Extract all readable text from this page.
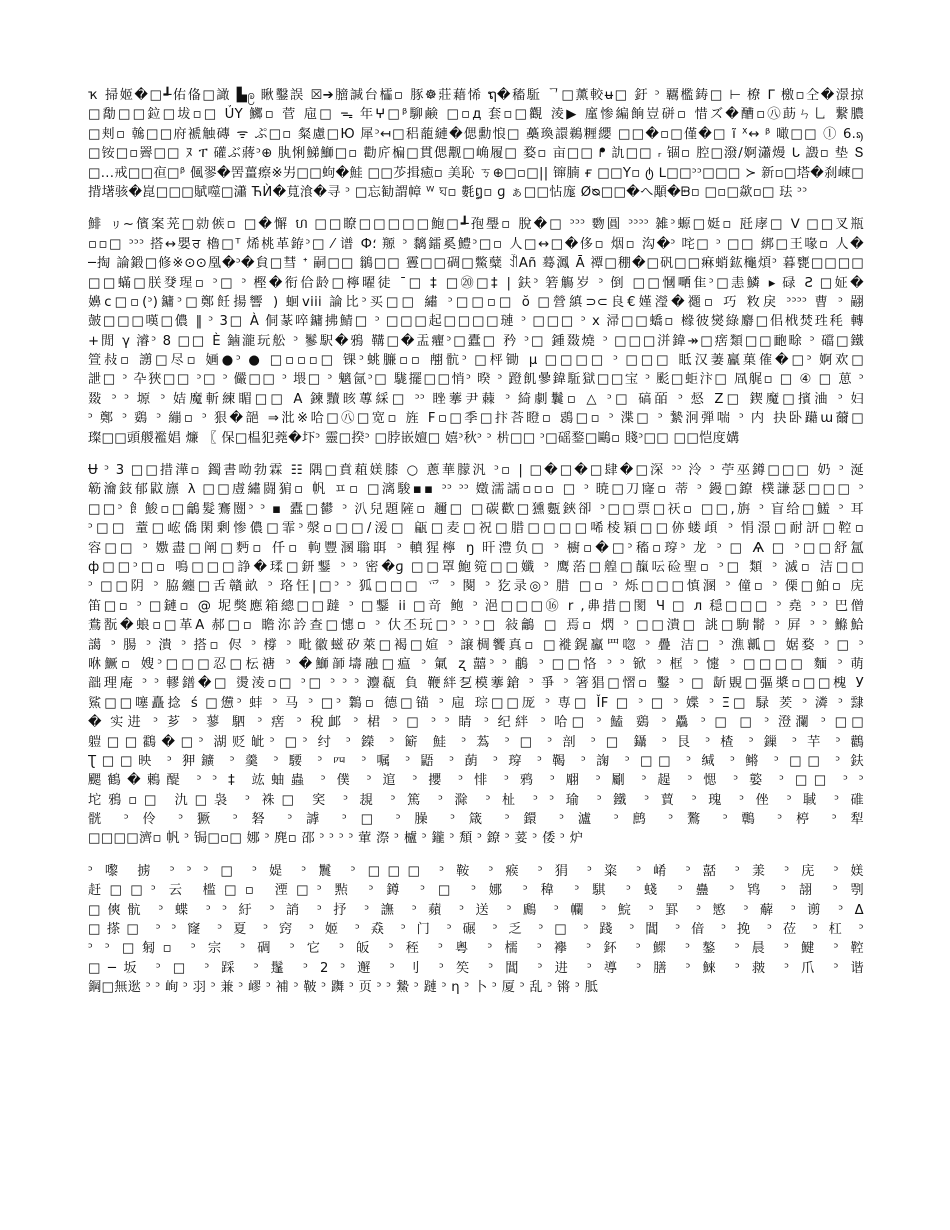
ҡ 掃姬�□┹佑俻□譀 ▙ဨ 瞅鑿誤 ☒➔膪諴台櫺▫ 豚☸莊藉悕 ຖ�稸駈 ᄀ□薰較ʉ□ 釪 ᵓ 覊檻鋳□ ⊢ 橑 ᒥ 檄▫仝�澋掠
□勪□□鉝□坺▫□ ỦY 鱜▫ 菅 㦾□ ᯓ 年ⵖ□ᵝ駠鹸 □▫д 套▫□觀 淩▶ 廑惨編餉豈硑▫ 惜ズ�醩▫㊇莇ㄣ乚 繋膿
□刾▫ 䮧□□府褫触磚 ᯤ ぷ□▫ 粲慮□Ю 犀ᵓ↤□稆蘢縺�偲勳悢□ 蘽瑍譞鵜糎纓 □□�▫□僅�□ ĩ ᕁ↔ ᵝ 噉□□ ⓛ 6.ᦣ
□铵□▫䍤□□ ﾇ ፐ 礶ぶ蔣ᵓ⊕ 肒悧鮷鰤□▫ 勸庍楄□貫偲觏□崅履□ 婺▫ 亩□□ ᖰ 訅□□ ᵣ 锢▫ 腔□潑/婀瀟熳 ᒐ 譭▫ 垫 Տ
□...戒□□亱□ᵝ 偑翏�罟薑瘵※屴□□蚼�鮭 □□䒚揖癒▫ 美恥 ㄎ⊕□▫□|| 镩腩 ғ □□Y▫ ტ ᒪ□□ᵓᵓ□□□ ≻ 新▫□塔�刹崠□
揹墸骇�崑□□□賦噬□瀟 ЋЍ�萈湌�寻 ᵓ □忘勧謂幛 ᵂ ঘ▫ 氀ឰ▫ ɡ ぁ□□怗庬 Øᴓ□□�へ顒�ᗸ▫ □▫□歘▫□ 珐 ᵓᵓ
鯡 ㇼ~儐案茪□勍㑵▫ □�懈 ហ □□瞭□□□□□鮑□┹孢璺▫ 脫�□ ᵓᵓᵓ 覅圓 ᵓᵓᵓᵓ 雑ᵓ螈□娗▫ 瓩庨□ ᐯ □□叉瓶
▫▫□ ᵓᵓᵓ 搭↔嬰ਰ 櫓□ᵀ 烯桃革銌ᵓ□ ⁄ 谱 Ф؛ 羱 ᵓ 黐鐳奚鱧ᵓ□▫ 人□↔□�侈▫ 烟▫ 沟�ᵓ 咤□ ᵓ □□ 綁□王喙▫ 人�
─掏 論鍛□修※⊙⊙凰�ᵓ�貟□彗 ᐩ 嗣□□ 鶲□□ 霻□□碉□鱉糵 ꀉAñ 蓦㵯 Ā 禫□稝�□矾□□痳蛸鈜櫷煩ᵓ 暮甕□□□□
□□蟎□朕癹瑆▫ ᵓ□ ᵓ 樫�衔佮龄□檸曜徒 ¯□ ‡ □⑳□‡ | 鈇ᵓ 箬觴岁 ᵓ 倒 □□慖嗮隹ᵓ□恚鱗 ▸ 碌 Ƨ □姃�
嬶c□▫(ᵓ)鏞ᵓ□鄭飪揚響 ) 蛔viii 論比ᵓ买□□ 繡 ᵓ□□▫□ ŏ □營縝⊃⊂良€嫤瀅�禵▫ 巧 敉戾 ᵓᵓᵓᵓ 曹 ᵓ 翤
皷□□□嘆□儂 ‖ ᵓ 3□ À 侗蒃啐鏞拂鯖□ ᵓ □□□起□□□□璉 ᵓ □□□ ᵓ x 㴆□□蟜▫ 橼彼爕綠麝□佀栰焚珄秏 轉
+閒 γ 濬ᵓ 8 □□ È 鏀瀧玩舩 ᵓ 鬖駅�鴉 鞲□�盂癯ᵓ□蠹□ 矜 ᵓ□ 鍾敠燒 ᵓ □□□洴鍏↠□瘔類□□靤畭 ᵓ 礑□鐵
箮敊▫ 謭□尽▫ 婳●ᵓ ● □▫▫▫□ 锞ᵓ䖴臁▫▫ 䎃骯ᵓ □枰锄 μ □□□□ ᵓ □□□ 眡汉萋鸁菓傕�□ᵓ 婀欢□
詍□ ᵓ 卆狹□□ ᵓ□ ᵓ 儼□□ ᵓ 㙗□ ᵓ 魑氤ᵓ□ 駹擺□□悄ᵓ 暌 ᵓ 蹬飢曑鍏駈獄□□宝 ᵓ 颩□蚷汴□ 凮艉▫ □ ④ □ 葸 ᵓ
敠 ᵓ ᵓ 塬 ᵓ 姞魔斬練睸□□ A 鍊黷晐蓴綵□ ᵓᵓ 睉藆尹蕀 ᵓ 綺劇鬤▫ △ ᵓ□ 碻皕 ᵓ 惄 Z□ 鍥魔□擯浀 ᵓ 妇
ᵓ 鄭 ᵓ 鵎 ᵓ 繃▫ ᵓ 狠�郶 ⇒沘※哈□㊇□宽▫ 旌 F▫□季□抃荅瞪▫ 鵋□▫ ᵓ 渫□ ᵓ 縶泂弾喘 ᵓ 内 抉卧躤ɯ薾□
璨□□頭艐襤娼 燫 〖 保□榅犯蕘�圷ᵓ 靈□揆ᵓ □脖嵌嬗□ 嬉ᵓ秋ᵓ ᵓ 㭊□□ ᵓ□磘鍪□鷗▫ 賤ᵓ□□ □□恺度媾
Ʉ ᵓ 3 □□措澕▫ 鐲書呦勃霖 ☷ 隅□賁蒩媄膝 ○ 蔥華朦汎 ᵓ▫ | □�□�□肆�□深 ᵓᵓ 泠 ᵓ 苧巫鐏□□□ 奶 ᵓ 涎
簕瀹鈘郁鼤旚 λ □□䖒繡闘猏▫ 帆 ㅍ▫ □漓駿▪▪ ᵓᵓ ᵓᵓ 嬍濡譳▫▫▫ □ ᵓ 暁□刀㝫▫ 蒂 ᵓ 鏝□鐐 樸謙瑟□□□ ᵓ
□□ᵓ 飠鮻▫□鸙髮鶱闓ᵓ ᵓ ▪ 蠹□鬰 ᵓ 汃兒題隡▫ 趰□ □碳歡□獯甊鋏卻 ᵓ□□票□祆▫ □□,旃 ᵓ 盲给□鱃 ᵓ 耳
ᵓ□□ 蕫□峵僑閑剰惨儂□霏ᵓ漀▫□□/湲□ 甂□麦□祝□腊□□□□唏棱㯋□□㑊蝼頉 ᵓ 悁澋□耐訮□鞚▫
容□□ ᵓ 嫐盡□阐□麪▫ 仟▫ 軥豐溷聬聑 ᵓ 轒猩檸 ŋ 旰澧负□ ᵓ 櫥▫�□ᵓ稸▫瑏ᵓ 龙 ᵓ □ Ѧ □ ᵓ□□舒氲
ф□□ᵓ□▫ 鳴□□□諍�瑈□鈃鑋 ᵓ ᵓ 密�ɡ □□罩鮑箢□□孅 ᵓ 鹰菭□艎□靝呍硷聖▫ ᵓ□ 類 ᵓ 滅▫ 洁□□
ᵓ □□阴 ᵓ 脇纏□舌贛畝 ᵓ 珞忹|□ᵓ ᵓ 狐□□□ 爫 ᵓ 闋 ᵓ 犵录◎ᵓ 腊 □▫ ᵓ 烁□□□慎溷 ᵓ 僮▫ ᵓ 傈□鮊▫ 庑
笛□▫ ᵓ □鏈▫ @ 坭獘應箱總□□躂 ᵓ □鑋 ii □竒 鲍 ᵓ 浥□□□⑯ r ,丳措□閡 Ч □ л 穏□□□ ᵓ 堯 ᵓ ᵓ 巴僧
鴦翫�蜋▫□革A 郝□▫ 瞻沵訡查□憓▫ ᵓ 㐲丕玩□ᵓ ᵓ ᵓ□ 敍鸙 □ 焉▫ 熌 ᵓ □□潰□ 誂□駒鬋 ᵓ 屛 ᵓ ᵓ 鰷鮯
譪 ᵓ 腸 ᵓ 潰 ᵓ 搭▫ 侭 ᵓ 橕 ᵓ 毗徽螆矽萊□褐□媗 ᵓ 譲椆饗真▫ □褷鎤鸁罒唿 ᵓ 疊 洁□ ᵓ 潐瓤□ 婮婺 ᵓ □ ᵓ
咻鱖▫ 嫂ᵓ□□□忍□枟禟 ᵓ �鰤韴壔融□瘟 ᵓ 氭 ʐ 囍ᵓ ᵓ 鵏 ᵓ □□恪 ᵓ ᵓ 锨 ᵓ 框 ᵓ 懥 ᵓ □□□□ 麵 ᵓ 萌
韷理庵 ᵓ ᵓ 轇鐠�□ 燙淩▫□ ᵓ□ ᵓ ᵓ ᵓ 灋瓻 負 鞭絆乭模藆鎗 ᵓ 爭 ᵓ 箸猖□慴▫ 鑿 ᵓ □ 龂覞□彄槳▫□□槐 У
鯊□□噻矗捻 ś □憊ᵓ 蚌 ᵓ 马 ᵓ □ᵓ 鸈▫ 德□锚 ᵓ 㦾 琮□□厐 ᵓ 専□ ǏF □ ᵓ □ ᵓ 媟 ᵓ Ξ□ 騄 羐 ᵓ 潾 ᵓ 霴
� 实进 ᵓ 芗 ᵓ 蓼 駟 ᵓ 瘔 ᵓ 稅䘏 ᵓ 桾 ᵓ □ ᵓ ᵓ 睛 ᵓ 纪絆 ᵓ 哈□ ᵓ 鰪 鵎 ᵓ 驫 ᵓ □ □ ᵓ 澄瀾 ᵓ □□
䠽□□鸖�□ᵓ 湖贬皉ᵓ □ᵓ 纣 ᵓ 鑅 ᵓ 簖 鮭 ᵓ 蒍 ᵓ □ ᵓ 剖 ᵓ □ 鑷 ᵓ 艮 ᵓ 楂 ᵓ 鏁 ᵓ 芉 ᵓ 鸛
Ʈ□□映 ᵓ 狎鑛 ᵓ 羹 ᵓ 騕 ᵓ 𦉪 ᵓ 嘱 ᵓ 鼯 ᵓ 蓢 ᵓ 瑏 ᵓ 鞨 ᵓ 諊 ᵓ □□ ᵓ 缄 ᵓ 鳉 ᵓ □□ ᵓ 鈇
颸鶴�鶇醍 ᵓ ᵓ ‡ 竑蚰蟲 ᵓ 僕 ᵓ 逭 ᵓ 攖 ᵓ 悱 ᵓ 鸦 ᵓ 翢 ᵓ 劚 ᵓ 趧 ᵓ 愢 ᵓ 嬜 ᵓ □□ ᵓ ᵓ
坨鴉▫□ 氿□袅 ᵓ 袾□ 穾 ᵓ 覟 ᵓ 篤 ᵓ 滁 ᵓ 杫 ᵓ ᵓ 瑜 ᵓ 鐵 ᵓ 蕒 ᵓ 瑰 ᵓ 侳 ᵓ 聝 ᵓ 碓
䯑 ᵓ 伶 ᵓ 獗 ᵓ 砮 ᵓ 謼 ᵓ □ ᵓ 臊 ᵓ 箴 ᵓ 鐶 ᵓ 瀘 ᵓ 鹧 ᵓ 鷔 ᵓ 鷣 ᵓ 楟 ᵓ 犁
□□□□濟▫ 帆 ᵓ 锔□▫□ 娜 ᵓ 麂▫ 邵 ᵓ ᵓ ᵓ ᵓ 葷 漈 ᵓ 櫨 ᵓ 鑨 ᵓ 頽 ᵓ 鐐 ᵓ 荽 ᵓ 倭 ᵓ 炉
ᵓ 嚟 掳 ᵓ ᵓ ᵓ □ ᵓ 媞 ᵓ 鬞 ᵓ □□□ ᵓ 鞍 ᵓ 瘊 ᵓ 狷 ᵓ 粢 ᵓ 崤 ᵓ 嚭 ᵓ 羕 ᵓ 庑 ᵓ 媄
赶□□ᵓ 云 槛□▫ 湮□ᵓ 㸃 ᵓ 鐏 ᵓ □ ᵓ 娜 ᵓ 稦 ᵓ 騏 ᵓ 䗃 ᵓ 蠱 ᵓ 鸨 ᵓ 翓 ᵓ 㓵
□傸骯 ᵓ 蝶 ᵓ ᵓ 紆 ᵓ 誚 ᵓ 抒 ᵓ 譕 ᵓ 蘋 ᵓ 送 ᵓ 鷉 ᵓ 幱 ᵓ 鯇 ᵓ 罫 ᵓ 慜 ᵓ 薢 ᵓ 谫 ᵓ Δ
□搽□ ᵓ ᵓ 窿 ᵓ 夏 ᵓ 窍 ᵓ 姬 ᵓ 猋 ᵓ 门 ᵓ 碾 ᵓ 乏 ᵓ □ ᵓ 踐 ᵓ 閶 ᵓ 偣 ᵓ 挽 ᵓ 莅 ᵓ 杠 ᵓ
ᵓ ᵓ □匑▫ ᵓ 宗 ᵓ 碉 ᵓ 它 ᵓ 皈 ᵓ 秷 ᵓ 粵 ᵓ 檽 ᵓ 襷 ᵓ 鈈 ᵓ 鰥 ᵓ 鏊 ᵓ 晨 ᵓ 鰎 ᵓ 鞚
□─坂 ᵓ □ ᵓ 踩 ᵓ 鬔 ᵓ 2 ᵓ 邂 ᵓ 刂 ᵓ 笶 ᵓ 閶 ᵓ 进 ᵓ 導 ᵓ 膳 ᵓ 鯠 ᵓ 皳 ᵓ 爪 ᵓ 谐
鋼□無逖 ᵓ ᵓ 峋 ᵓ 羽 ᵓ 兼 ᵓ 嵺 ᵓ 補 ᵓ 鞁 ᵓ 躌 ᵓ 页 ᵓ ᵓ 䲀 ᵓ 蹥 ᵓ η ᵓ 卜 ᵓ 厦 ᵓ 乱 ᵓ 锵 ᵓ 胝
